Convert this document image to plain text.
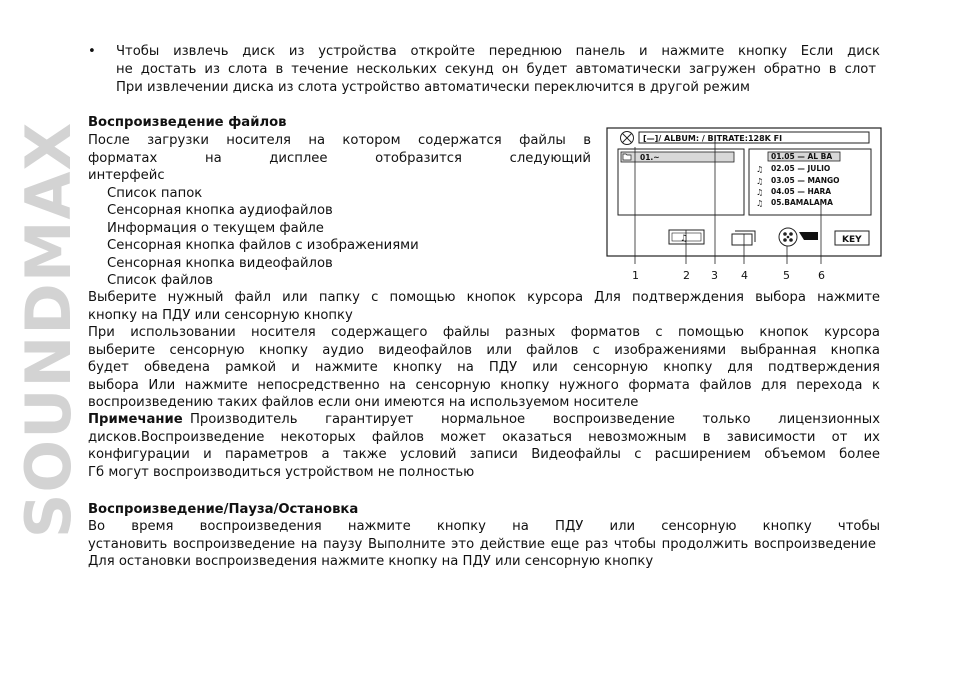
SOUNDMAX
• Чтобы извлечь диск из устройства откройте переднюю панель и нажмите кнопку Если диск
не достать из слота в течение нескольких секунд он будет автоматически загружен обратно в слот
При извлечении диска из слота устройство автоматически переключится в другой режим
Воспроизведение файлов
После загрузки носителя на котором содержатся файлы в
форматах на дисплее отобразится следующий
интерфейс
Список папок
Сенсорная кнопка аудиофайлов
Информация о текущем файле
Сенсорная кнопка файлов с изображениями
Сенсорная кнопка видеофайлов
Список файлов
Выберите нужный файл или папку с помощью кнопок курсора Для подтверждения выбора нажмите
кнопку на ПДУ или сенсорную кнопку
При использовании носителя содержащего файлы разных форматов с помощью кнопок курсора
выберите сенсорную кнопку аудио видеофайлов или файлов с изображениями выбранная кнопка
будет обведена рамкой и нажмите кнопку на ПДУ или сенсорную кнопку для подтверждения
выбора Или нажмите непосредственно на сенсорную кнопку нужного формата файлов для перехода к
воспроизведению таких файлов если они имеются на используемом носителе
Примечание Производитель гарантирует нормальное воспроизведение только лицензионных
дисков.Воспроизведение некоторых файлов может оказаться невозможным в зависимости от их
конфигурации и параметров а также условий записи Видеофайлы с расширением объемом более
Гб могут воспроизводиться устройством не полностью
Воспроизведение/Пауза/Остановка
Во время воспроизведения нажмите кнопку на ПДУ или сенсорную кнопку чтобы
установить воспроизведение на паузу Выполните это действие еще раз чтобы продолжить воспроизведение
Для остановки воспроизведения нажмите кнопку на ПДУ или сенсорную кнопку
[—]/ ALBUM: / BITRATE:128K FI
01.~	01.05 — AL BA
♫ 02.05 — JULIO
♫ 03.05 — MANGO
♫ 04.05 — HARA
♫ 05.BAMALAMA
♫	KEY
1	2 3 4	5	6
